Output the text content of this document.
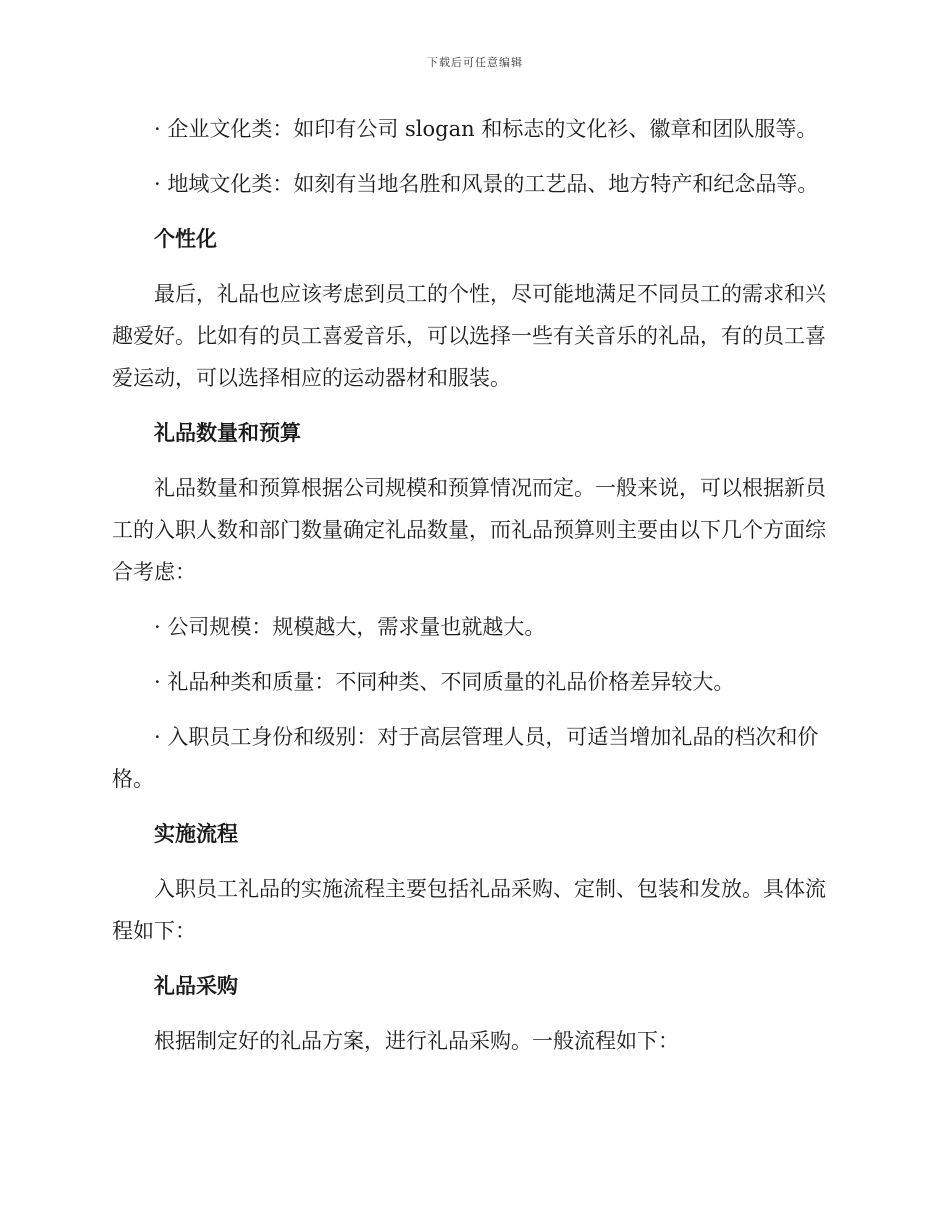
下载后可任意编辑

· 企业文化类：如印有公司 slogan 和标志的文化衫、徽章和团队服等。

· 地域文化类：如刻有当地名胜和风景的工艺品、地方特产和纪念品等。

个性化

最后，礼品也应该考虑到员工的个性，尽可能地满足不同员工的需求和兴趣爱好。比如有的员工喜爱音乐，可以选择一些有关音乐的礼品，有的员工喜爱运动，可以选择相应的运动器材和服装。

礼品数量和预算

礼品数量和预算根据公司规模和预算情况而定。一般来说，可以根据新员工的入职人数和部门数量确定礼品数量，而礼品预算则主要由以下几个方面综合考虑：

· 公司规模：规模越大，需求量也就越大。

· 礼品种类和质量：不同种类、不同质量的礼品价格差异较大。

· 入职员工身份和级别：对于高层管理人员，可适当增加礼品的档次和价格。

实施流程

入职员工礼品的实施流程主要包括礼品采购、定制、包装和发放。具体流程如下：

礼品采购

根据制定好的礼品方案，进行礼品采购。一般流程如下：
